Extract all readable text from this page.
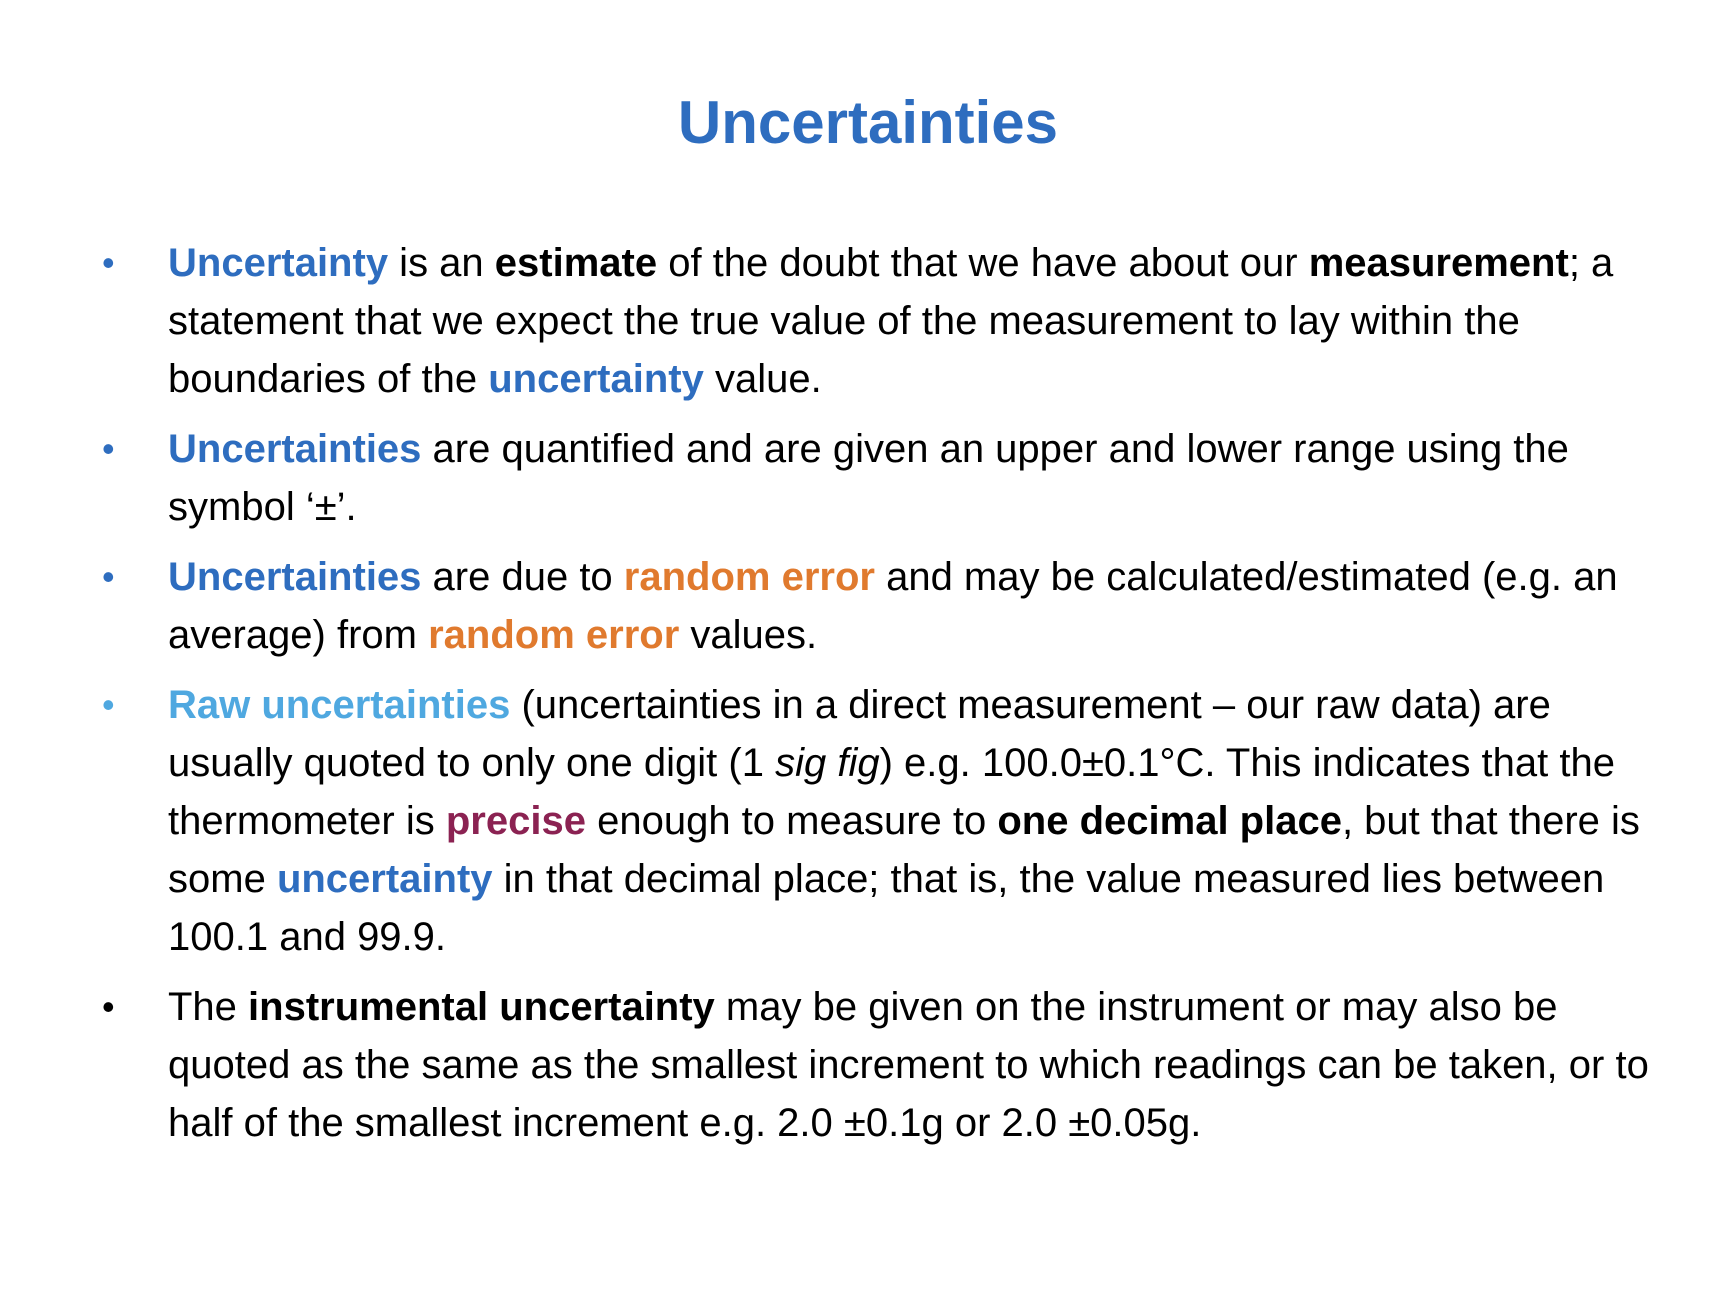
Uncertainties
• Uncertainty is an estimate of the doubt that we have about our measurement; a statement that we expect the true value of the measurement to lay within the boundaries of the uncertainty value.
• Uncertainties are quantified and are given an upper and lower range using the symbol ‘±’.
• Uncertainties are due to random error and may be calculated/estimated (e.g. an average) from random error values.
• Raw uncertainties (uncertainties in a direct measurement – our raw data) are usually quoted to only one digit (1 sig fig) e.g. 100.0±0.1°C. This indicates that the thermometer is precise enough to measure to one decimal place, but that there is some uncertainty in that decimal place; that is, the value measured lies between 100.1 and 99.9.
• The instrumental uncertainty may be given on the instrument or may also be quoted as the same as the smallest increment to which readings can be taken, or to half of the smallest increment e.g. 2.0 ±0.1g or 2.0 ±0.05g.
